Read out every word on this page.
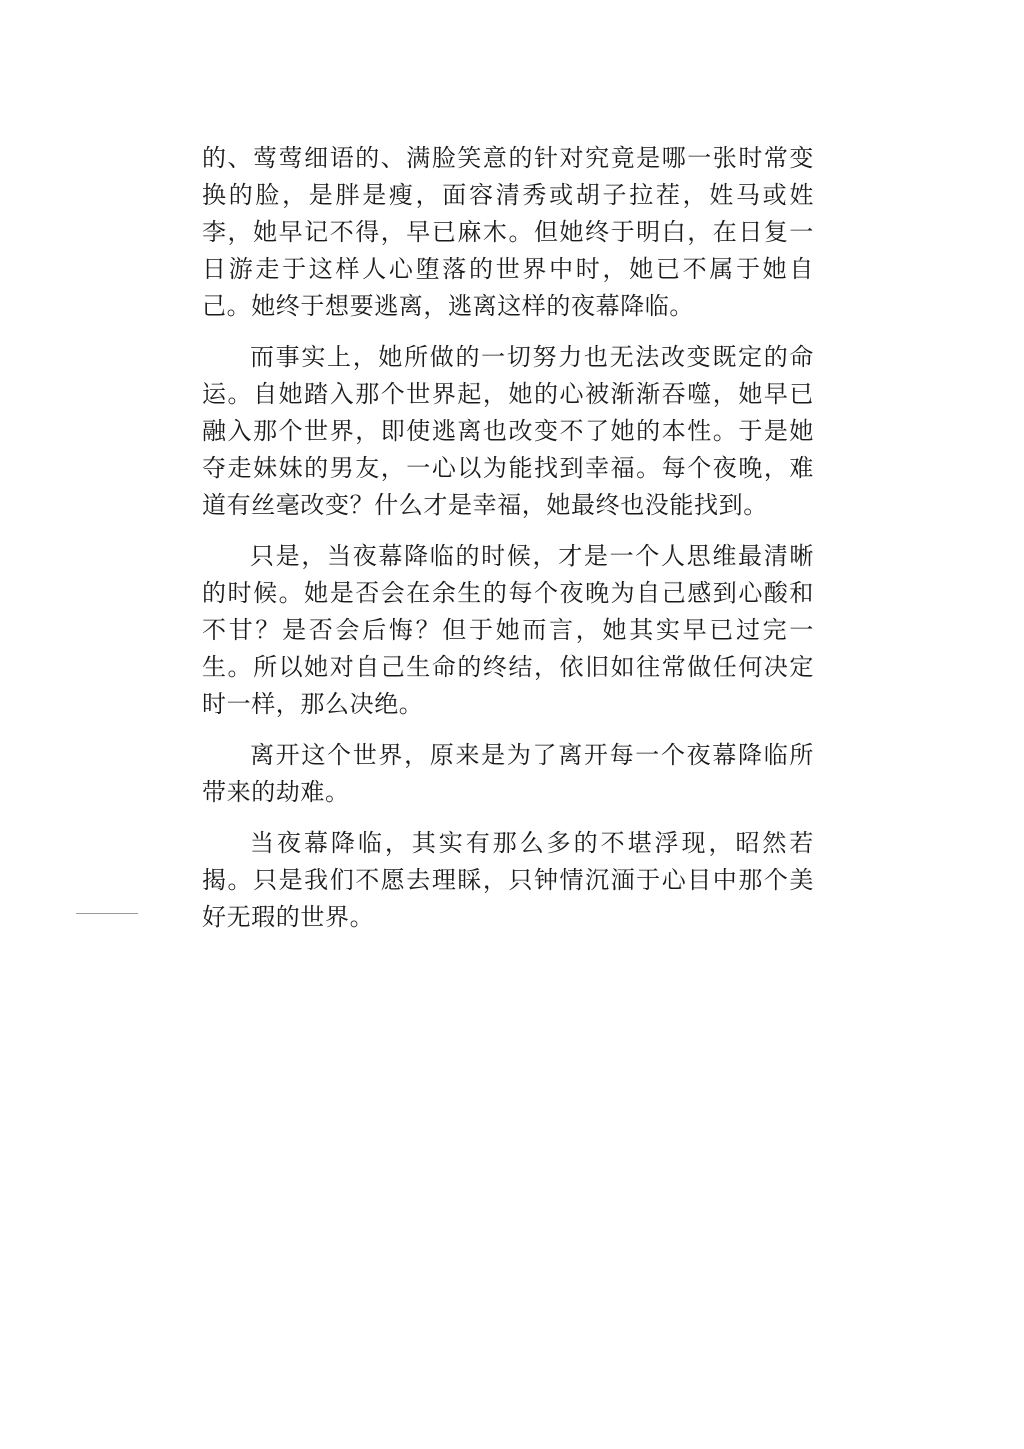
的、莺莺细语的、满脸笑意的针对究竟是哪一张时常变换的脸，是胖是瘦，面容清秀或胡子拉茬，姓马或姓李，她早记不得，早已麻木。但她终于明白，在日复一日游走于这样人心堕落的世界中时，她已不属于她自己。她终于想要逃离，逃离这样的夜幕降临。

而事实上，她所做的一切努力也无法改变既定的命运。自她踏入那个世界起，她的心被渐渐吞噬，她早已融入那个世界，即使逃离也改变不了她的本性。于是她夺走妹妹的男友，一心以为能找到幸福。每个夜晚，难道有丝毫改变？什么才是幸福，她最终也没能找到。

只是，当夜幕降临的时候，才是一个人思维最清晰的时候。她是否会在余生的每个夜晚为自己感到心酸和不甘？是否会后悔？但于她而言，她其实早已过完一生。所以她对自己生命的终结，依旧如往常做任何决定时一样，那么决绝。

离开这个世界，原来是为了离开每一个夜幕降临所带来的劫难。

当夜幕降临，其实有那么多的不堪浮现，昭然若揭。只是我们不愿去理睬，只钟情沉湎于心目中那个美好无瑕的世界。
